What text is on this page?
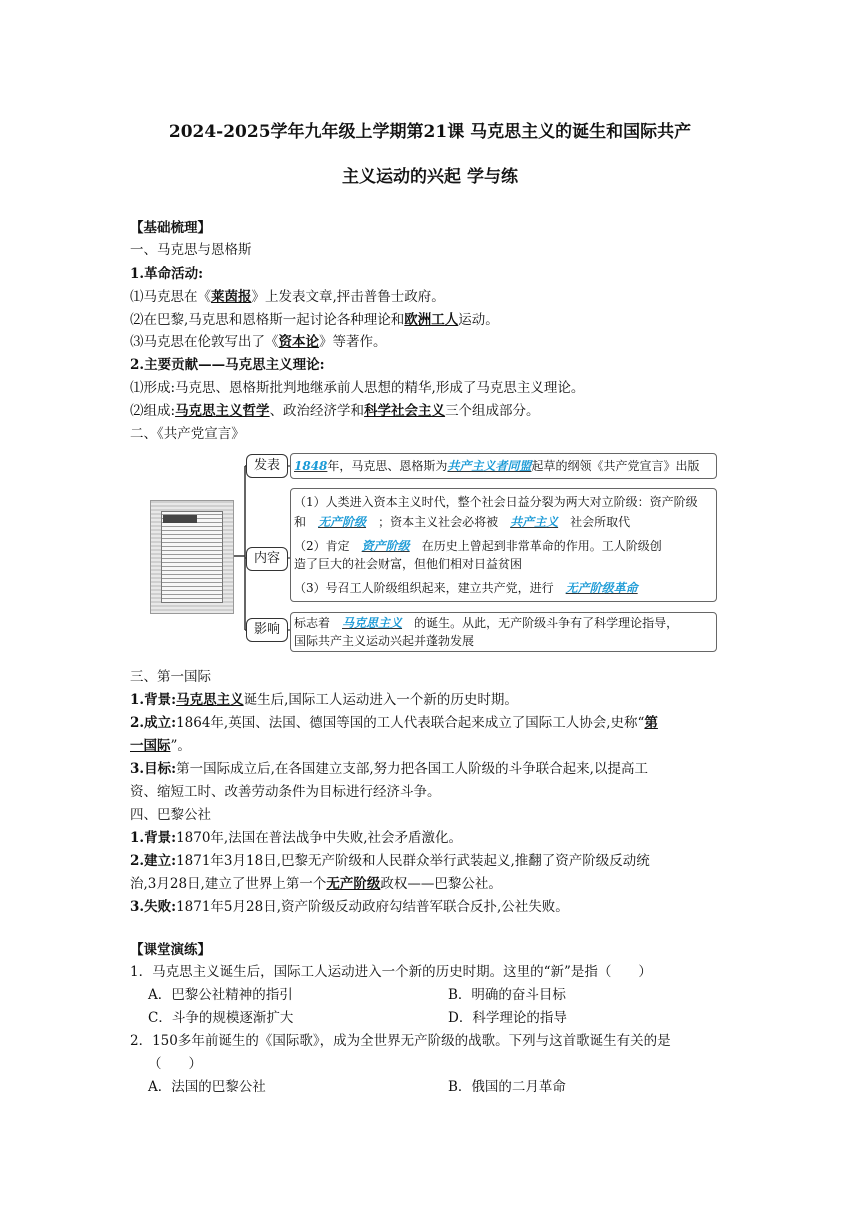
2024-2025学年九年级上学期第21课 马克思主义的诞生和国际共产
主义运动的兴起 学与练
【基础梳理】
一、马克思与恩格斯
1.革命活动:
⑴马克思在《莱茵报》上发表文章,抨击普鲁士政府。
⑵在巴黎,马克思和恩格斯一起讨论各种理论和欧洲工人运动。
⑶马克思在伦敦写出了《资本论》等著作。
2.主要贡献——马克思主义理论:
⑴形成:马克思、恩格斯批判地继承前人思想的精华,形成了马克思主义理论。
⑵组成:马克思主义哲学、政治经济学和科学社会主义三个组成部分。
二、《共产党宣言》
发表
内容
影响
1848年，马克思、恩格斯为共产主义者同盟起草的纲领《共产党宣言》出版
（1）人类进入资本主义时代，整个社会日益分裂为两大对立阶级：资产阶级
和　 无产阶级　 ；资本主义社会必将被　 共产主义　 社会所取代
（2）肯定　 资产阶级　 在历史上曾起到非常革命的作用。工人阶级创
造了巨大的社会财富，但他们相对日益贫困
（3）号召工人阶级组织起来，建立共产党，进行　 无产阶级革命
标志着　 马克思主义　 的诞生。从此，无产阶级斗争有了科学理论指导，
国际共产主义运动兴起并蓬勃发展
三、第一国际
1.背景:马克思主义诞生后,国际工人运动进入一个新的历史时期。
2.成立:1864年,英国、法国、德国等国的工人代表联合起来成立了国际工人协会,史称“第
一国际”。
3.目标:第一国际成立后,在各国建立支部,努力把各国工人阶级的斗争联合起来,以提高工
资、缩短工时、改善劳动条件为目标进行经济斗争。
四、巴黎公社
1.背景:1870年,法国在普法战争中失败,社会矛盾激化。
2.建立:1871年3月18日,巴黎无产阶级和人民群众举行武装起义,推翻了资产阶级反动统
治,3月28日,建立了世界上第一个无产阶级政权——巴黎公社。
3.失败:1871年5月28日,资产阶级反动政府勾结普军联合反扑,公社失败。
【课堂演练】
1．马克思主义诞生后，国际工人运动进入一个新的历史时期。这里的“新”是指（　　）
A．巴黎公社精神的指引	B．明确的奋斗目标
C．斗争的规模逐渐扩大	D．科学理论的指导
2．150多年前诞生的《国际歌》，成为全世界无产阶级的战歌。下列与这首歌诞生有关的是
（　　）
A．法国的巴黎公社	B．俄国的二月革命
